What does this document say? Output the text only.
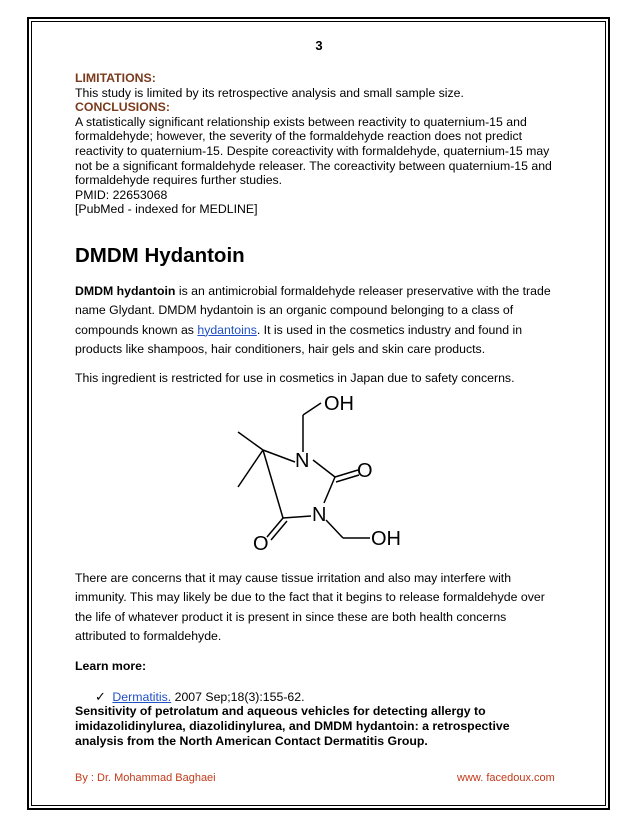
3

LIMITATIONS:

This study is limited by its retrospective analysis and small sample size.

CONCLUSIONS:

A statistically significant relationship exists between reactivity to quaternium-15 and

formaldehyde; however, the severity of the formaldehyde reaction does not predict

reactivity to quaternium-15. Despite coreactivity with formaldehyde, quaternium-15 may

not be a significant formaldehyde releaser. The coreactivity between quaternium-15 and

formaldehyde requires further studies.

PMID: 22653068

[PubMed - indexed for MEDLINE]

DMDM Hydantoin
DMDM hydantoin is an antimicrobial formaldehyde releaser preservative with the trade
name Glydant. DMDM hydantoin is an organic compound belonging to a class of
compounds known as hydantoins. It is used in the cosmetics industry and found in
products like shampoos, hair conditioners, hair gels and skin care products.
This ingredient is restricted for use in cosmetics in Japan due to safety concerns.
OH
N O
N
OH
O
There are concerns that it may cause tissue irritation and also may interfere with
immunity. This may likely be due to the fact that it begins to release formaldehyde over
the life of whatever product it is present in since these are both health concerns
attributed to formaldehyde.
Learn more:
✓ Dermatitis. 2007 Sep;18(3):155-62.
Sensitivity of petrolatum and aqueous vehicles for detecting allergy to
imidazolidinylurea, diazolidinylurea, and DMDM hydantoin: a retrospective
analysis from the North American Contact Dermatitis Group.
By : Dr. Mohammad Baghaei	www. facedoux.com
